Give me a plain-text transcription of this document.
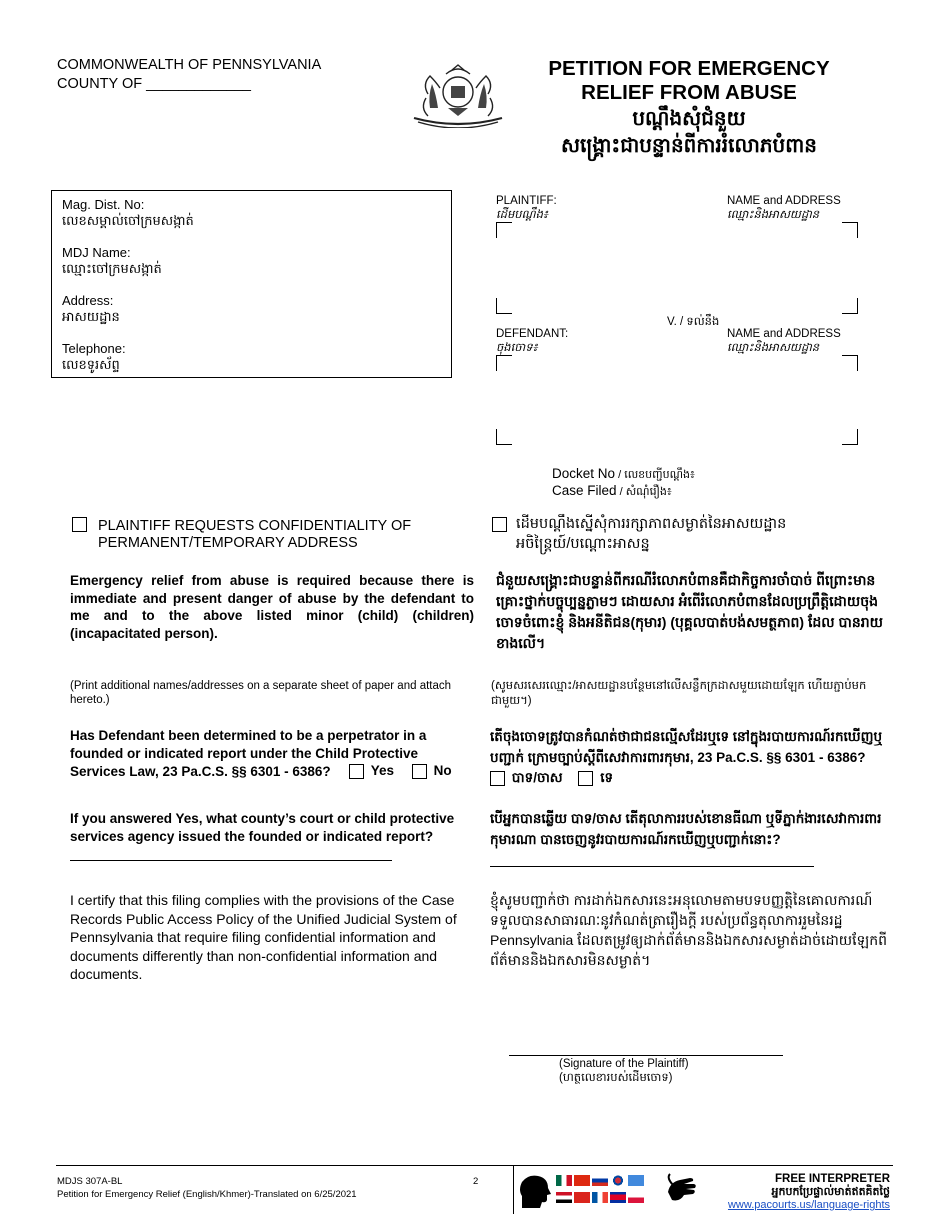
COMMONWEALTH OF PENNSYLVANIA
COUNTY OF _____________
PETITION FOR EMERGENCY
RELIEF FROM ABUSE
បណ្ដឹងសុំជំនួយ
សង្គ្រោះជាបន្ទាន់ពីការរំលោភបំពាន
Mag. Dist. No:
លេខសម្គាល់ចៅក្រមសង្កាត់
MDJ Name:
ឈ្មោះចៅក្រមសង្កាត់
Address:
អាសយដ្ឋាន
Telephone:
លេខទូរស័ព្ទ
PLAINTIFF:
ដើមបណ្ដឹង៖
NAME and ADDRESS
ឈ្មោះនិងអាសយដ្ឋាន
V. / ទល់នឹង
DEFENDANT:
ចុងចោទ៖
NAME and ADDRESS
ឈ្មោះនិងអាសយដ្ឋាន
Docket No / លេខបញ្ជីបណ្ដឹង៖
Case Filed / សំណុំរឿង៖
PLAINTIFF REQUESTS CONFIDENTIALITY OF
PERMANENT/TEMPORARY ADDRESS
ដើមបណ្ដឹងស្នើសុំការរក្សាភាពសម្ងាត់នៃអាសយដ្ឋាន
អចិន្ត្រៃយ៍/បណ្ដោះអាសន្ន
Emergency relief from abuse is required because there is immediate and present danger of abuse by the defendant to me and to the above listed minor (child) (children) (incapacitated person).
ជំនួយសង្គ្រោះជាបន្ទាន់ពីករណីរំលោភបំពានគឺជាកិច្ចការចាំបាច់ ពីព្រោះមានគ្រោះថ្នាក់បច្ចុប្បន្នភ្លាមៗ ដោយសារ អំពើរំលោភបំពានដែលប្រព្រឹត្តិដោយចុងចោទចំពោះខ្ញុំ និងអនីតិជន(កុមារ) (បុគ្គលបាត់បង់សមត្ថភាព) ដែល បានរាយខាងលើ។
(Print additional names/addresses on a separate sheet of paper and attach hereto.)
(សូមសរសេរឈ្មោះ/អាសយដ្ឋានបន្ថែមនៅលើសន្លឹកក្រដាសមួយដោយឡែក ហើយភ្ជាប់មកជាមួយ។)
Has Defendant been determined to be a perpetrator in a founded or indicated report under the Child Protective Services Law, 23 Pa.C.S. §§ 6301 - 6386?	Yes	No
តើចុងចោទត្រូវបានកំណត់ថាជាជនល្មើសដែរឬទេ នៅក្នុងរបាយការណ៍រកឃើញឬបញ្ជាក់ ក្រោមច្បាប់ស្ដីពីសេវាការពារកុមារ, 23 Pa.C.S. §§ 6301 - 6386?
បាទ/ចាស	ទេ
If you answered Yes, what county’s court or child protective services agency issued the founded or indicated report?
បើអ្នកបានឆ្លើយ បាទ/ចាស តើតុលាការរបស់ខោនធីណា ឬទីភ្នាក់ងារសេវាការពារកុមារណា បានចេញនូវរបាយការណ៍រកឃើញឬបញ្ជាក់នោះ?
I certify that this filing complies with the provisions of the Case Records Public Access Policy of the Unified Judicial System of Pennsylvania that require filing confidential information and documents differently than non-confidential information and documents.
ខ្ញុំសូមបញ្ជាក់ថា ការដាក់ឯកសារនេះអនុលោមតាមបទបញ្ញត្តិនៃគោលការណ៍ទទួលបានសាធារណៈនូវកំណត់ត្រារឿងក្ដី របស់ប្រព័ន្ធតុលាការរួមនៃរដ្ឋ Pennsylvania ដែលតម្រូវឲ្យដាក់ព័ត៌មាននិងឯកសារសម្ងាត់ដាច់ដោយឡែកពីព័ត៌មាននិងឯកសារមិនសម្ងាត់។
(Signature of the Plaintiff)
(ហត្ថលេខារបស់ដើមចោទ)
MDJS 307A-BL
Petition for Emergency Relief (English/Khmer)-Translated on 6/25/2021
2	FREE INTERPRETER
អ្នកបកប្រែផ្ទាល់មាត់ឥតគិតថ្លៃ
www.pacourts.us/language-rights
